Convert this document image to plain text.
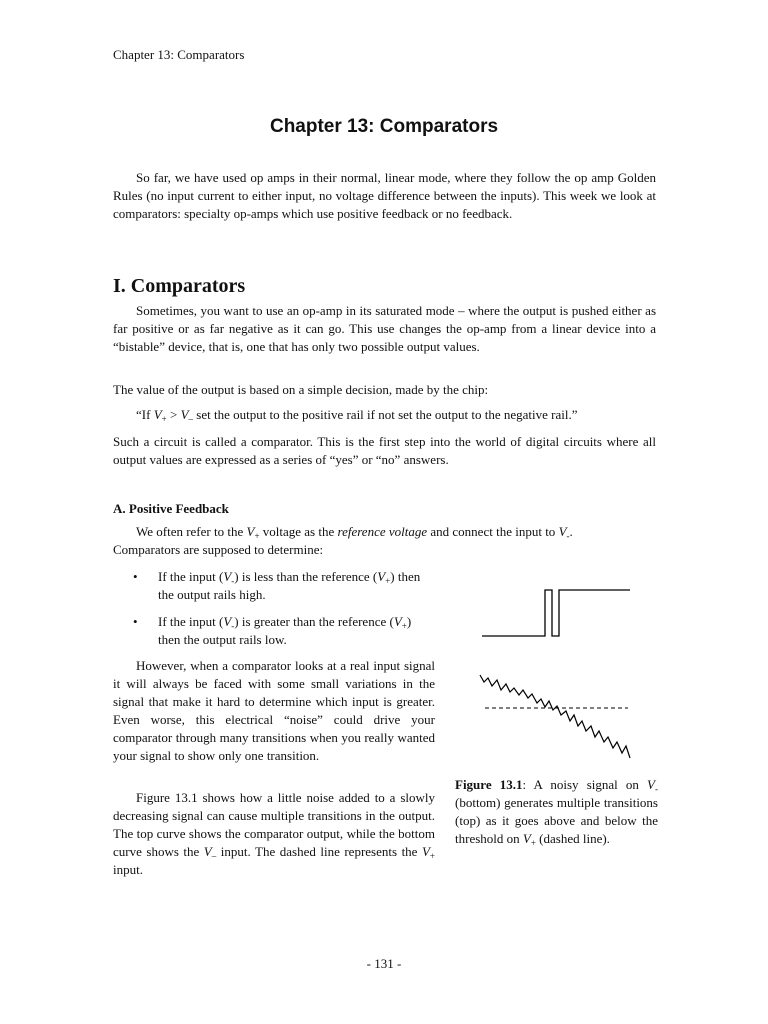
Chapter 13: Comparators
Chapter 13: Comparators
So far, we have used op amps in their normal, linear mode, where they follow the op amp Golden Rules (no input current to either input, no voltage difference between the inputs). This week we look at comparators: specialty op-amps which use positive feedback or no feedback.
I. Comparators
Sometimes, you want to use an op-amp in its saturated mode – where the output is pushed either as far positive or as far negative as it can go. This use changes the op-amp from a linear device into a “bistable” device, that is, one that has only two possible output values.
The value of the output is based on a simple decision, made by the chip:
“If $V_+ > V_-$ set the output to the positive rail if not set the output to the negative rail.”
Such a circuit is called a comparator. This is the first step into the world of digital circuits where all output values are expressed as a series of “yes” or “no” answers.
A. Positive Feedback
We often refer to the $V_+$ voltage as the reference voltage and connect the input to $V_-$.
Comparators are supposed to determine:
• If the input $(V_-)$ is less than the reference $(V_+)$ then the output rails high.
• If the input $(V_-)$ is greater than the reference $(V_+)$ then the output rails low.
However, when a comparator looks at a real input signal it will always be faced with some small variations in the signal that make it hard to determine which input is greater. Even worse, this electrical “noise” could drive your comparator through many transitions when you really wanted your signal to show only one transition.
Figure 13.1 shows how a little noise added to a slowly decreasing signal can cause multiple transitions in the output. The top curve shows the comparator output, while the bottom curve shows the $V_-$ input. The dashed line represents the $V_+$ input.
Figure 13.1: A noisy signal on $V_-$ (bottom) generates multiple transitions (top) as it goes above and below the threshold on $V_+$ (dashed line).
- 131 -
